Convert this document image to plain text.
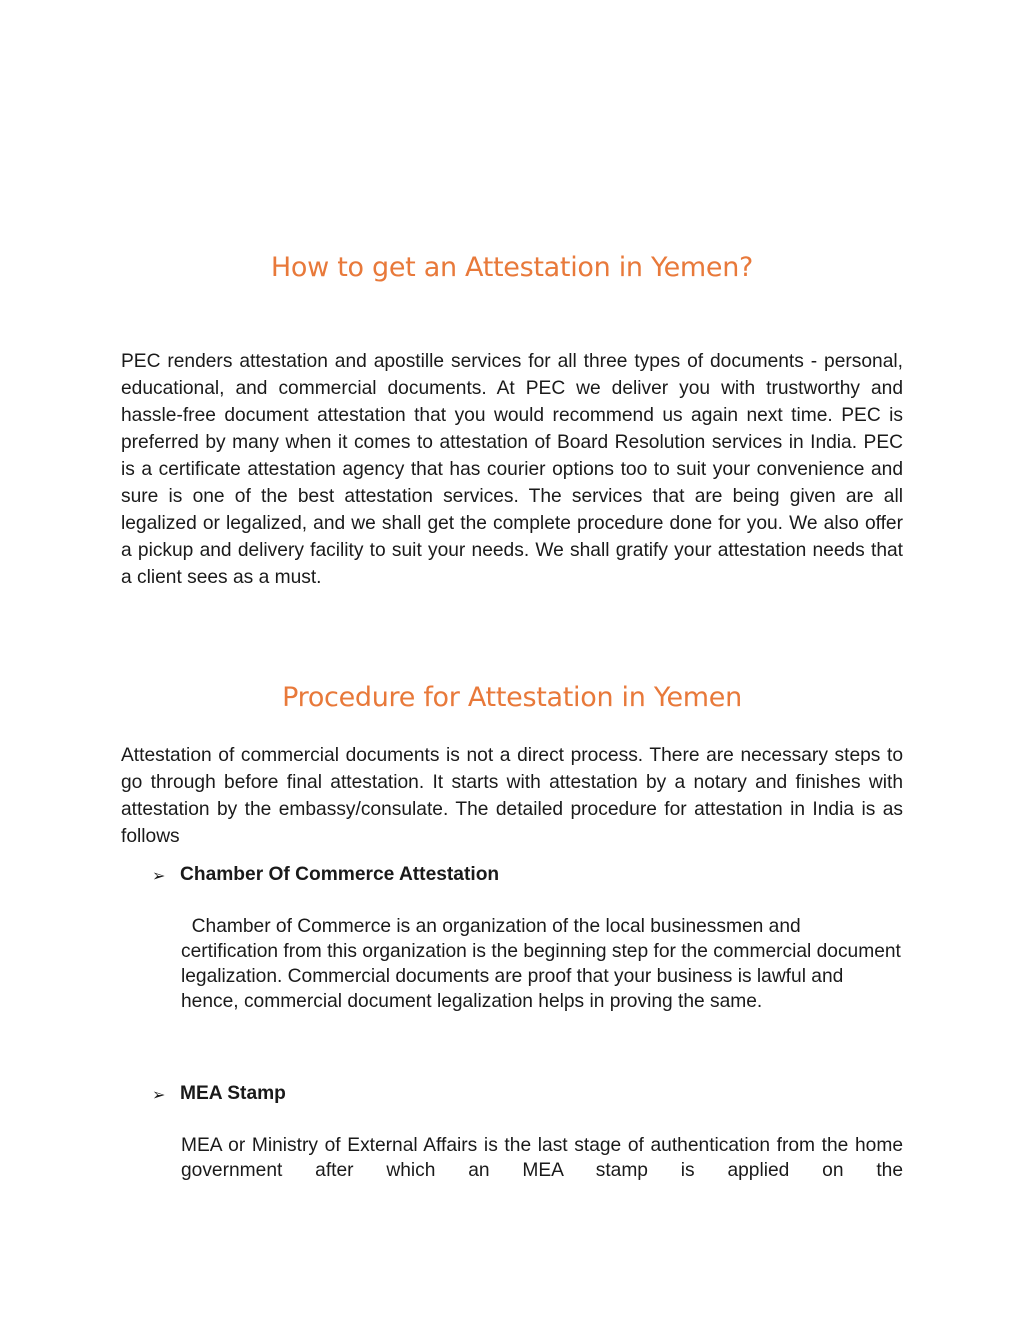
How to get an Attestation in Yemen?

PEC renders attestation and apostille services for all three types of documents - personal, educational, and commercial documents. At PEC we deliver you with trustworthy and hassle-free document attestation that you would recommend us again next time. PEC is preferred by many when it comes to attestation of Board Resolution services in India. PEC is a certificate attestation agency that has courier options too to suit your convenience and sure is one of the best attestation services. The services that are being given are all legalized or legalized, and we shall get the complete procedure done for you. We also offer a pickup and delivery facility to suit your needs. We shall gratify your attestation needs that a client sees as a must.

Procedure for Attestation in Yemen

Attestation of commercial documents is not a direct process. There are necessary steps to go through before final attestation. It starts with attestation by a notary and finishes with attestation by the embassy/consulate. The detailed procedure for attestation in India is as follows

➢ Chamber Of Commerce Attestation

Chamber of Commerce is an organization of the local businessmen and certification from this organization is the beginning step for the commercial document legalization. Commercial documents are proof that your business is lawful and hence, commercial document legalization helps in proving the same.

➢ MEA Stamp

MEA or Ministry of External Affairs is the last stage of authentication from the home government after which an MEA stamp is applied on the
